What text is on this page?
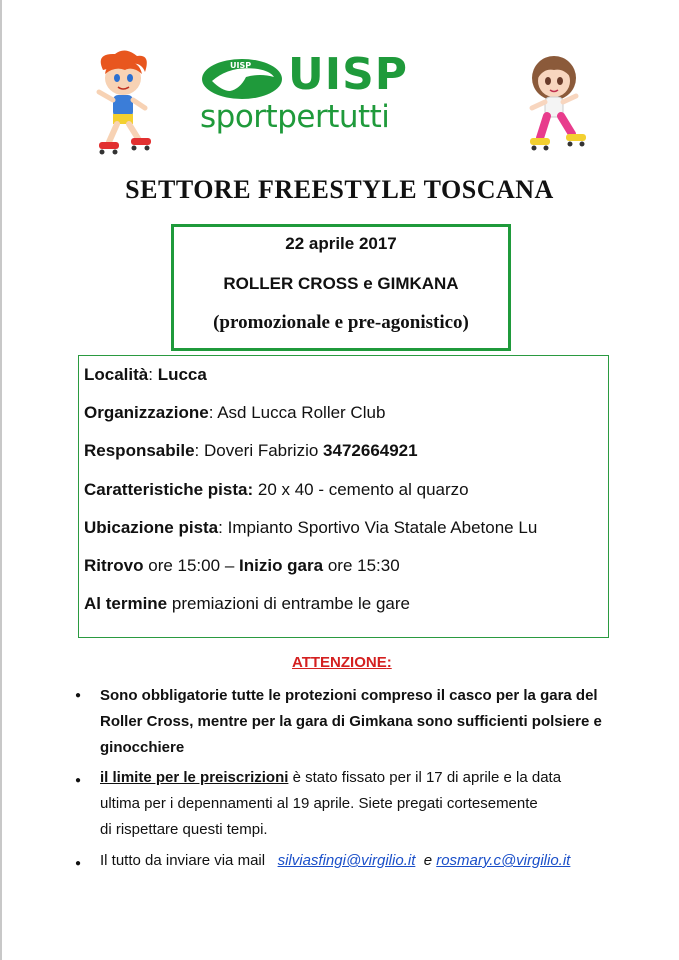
UISP UISP
sportpertutti
SETTORE FREESTYLE TOSCANA
22 aprile 2017
ROLLER CROSS e GIMKANA
(promozionale e pre-agonistico)
Località: Lucca
Organizzazione: Asd Lucca Roller Club
Responsabile: Doveri Fabrizio 3472664921
Caratteristiche pista: 20 x 40 - cemento al quarzo
Ubicazione pista: Impianto Sportivo Via Statale Abetone Lu
Ritrovo ore 15:00 – Inizio gara ore 15:30
Al termine premiazioni di entrambe le gare
ATTENZIONE:
● Sono obbligatorie tutte le protezioni compreso il casco per la gara del
Roller Cross, mentre per la gara di Gimkana sono sufficienti polsiere e
ginocchiere
● il limite per le preiscrizioni è stato fissato per il 17 di aprile e la data
ultima per i depennamenti al 19 aprile. Siete pregati cortesemente
di rispettare questi tempi.
● Il tutto da inviare via mail silviasfingi@virgilio.it e rosmary.c@virgilio.it
